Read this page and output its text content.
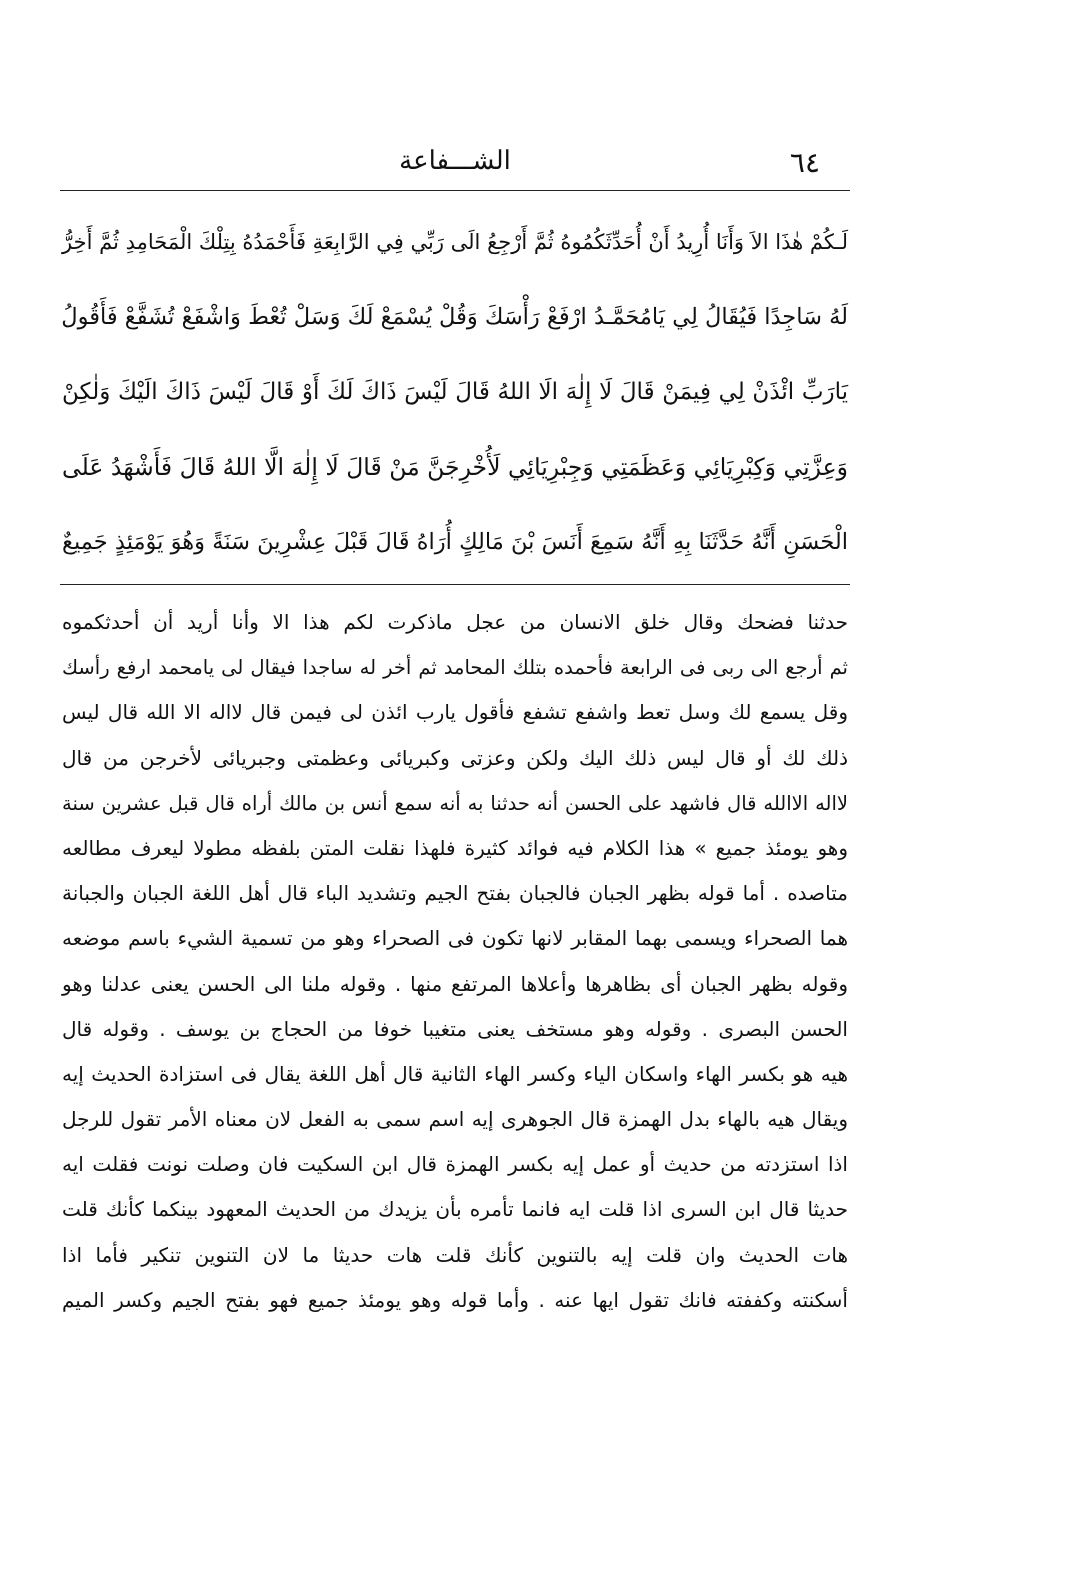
٦٤
الشـــفاعة
لَـكُمْ هٰذَا الاَ وَأَنَا أُرِيدُ أَنْ أُحَدِّثَكُمُوهُ ثُمَّ أَرْجِعُ الَى رَبِّي فِي الرَّابِعَةِ فَأَحْمَدُهُ بِتِلْكَ الْمَحَامِدِ ثُمَّ أَخِرُّ
لَهُ سَاجِدًا فَيُقَالُ لِي يَامُحَمَّـدُ ارْفَعْ رَأْسَكَ وَقُلْ يُسْمَعْ لَكَ وَسَلْ تُعْطَ وَاشْفَعْ تُشَفَّعْ فَأَقُولُ
يَارَبِّ ائْذَنْ لِي فِيمَنْ قَالَ لَا إِلٰهَ الَا اللهُ قَالَ لَيْسَ ذَاكَ لَكَ أَوْ قَالَ لَيْسَ ذَاكَ الَيْكَ وَلٰكِنْ
وَعِزَّتِي وَكِبْرِيَائِي وَعَظَمَتِي وَجِبْرِيَائِي لَأُخْرِجَنَّ مَنْ قَالَ لَا إِلٰهَ الَّا اللهُ قَالَ فَأَشْهَدُ عَلَى
الْحَسَنِ أَنَّهُ حَدَّثَنَا بِهِ أَنَّهُ سَمِعَ أَنَسَ بْنَ مَالِكٍ أُرَاهُ قَالَ قَبْلَ عِشْرِينَ سَنَةً وَهُوَ يَوْمَئِذٍ جَمِيعٌ
حدثنا فضحك وقال خلق الانسان من عجل ماذكرت لكم هذا الا وأنا أريد أن أحدثكموه
ثم أرجع الى ربى فى الرابعة فأحمده بتلك المحامد ثم أخر له ساجدا فيقال لى يامحمد ارفع رأسك
وقل يسمع لك وسل تعط واشفع تشفع فأقول يارب ائذن لى فيمن قال لااله الا الله قال ليس
ذلك لك أو قال ليس ذلك اليك ولكن وعزتى وكبريائى وعظمتى وجبريائى لأخرجن من قال
لااله الاالله قال فاشهد على الحسن أنه حدثنا به أنه سمع أنس بن مالك أراه قال قبل عشرين سنة
وهو يومئذ جميع » هذا الكلام فيه فوائد كثيرة فلهذا نقلت المتن بلفظه مطولا ليعرف مطالعه
متاصده . أما قوله بظهر الجبان فالجبان بفتح الجيم وتشديد الباء قال أهل اللغة الجبان والجبانة
هما الصحراء ويسمى بهما المقابر لانها تكون فى الصحراء وهو من تسمية الشيء باسم موضعه
وقوله بظهر الجبان أى بظاهرها وأعلاها المرتفع منها . وقوله ملنا الى الحسن يعنى عدلنا وهو
الحسن البصرى . وقوله وهو مستخف يعنى متغيبا خوفا من الحجاج بن يوسف . وقوله قال
هيه هو بكسر الهاء واسكان الياء وكسر الهاء الثانية قال أهل اللغة يقال فى استزادة الحديث إيه
ويقال هيه بالهاء بدل الهمزة قال الجوهرى إيه اسم سمى به الفعل لان معناه الأمر تقول للرجل
اذا استزدته من حديث أو عمل إيه بكسر الهمزة قال ابن السكيت فان وصلت نونت فقلت ايه
حديثا قال ابن السرى اذا قلت ايه فانما تأمره بأن يزيدك من الحديث المعهود بينكما كأنك قلت
هات الحديث وان قلت إيه بالتنوين كأنك قلت هات حديثا ما لان التنوين تنكير فأما اذا
أسكنته وكففته فانك تقول ايها عنه . وأما قوله وهو يومئذ جميع فهو بفتح الجيم وكسر الميم
